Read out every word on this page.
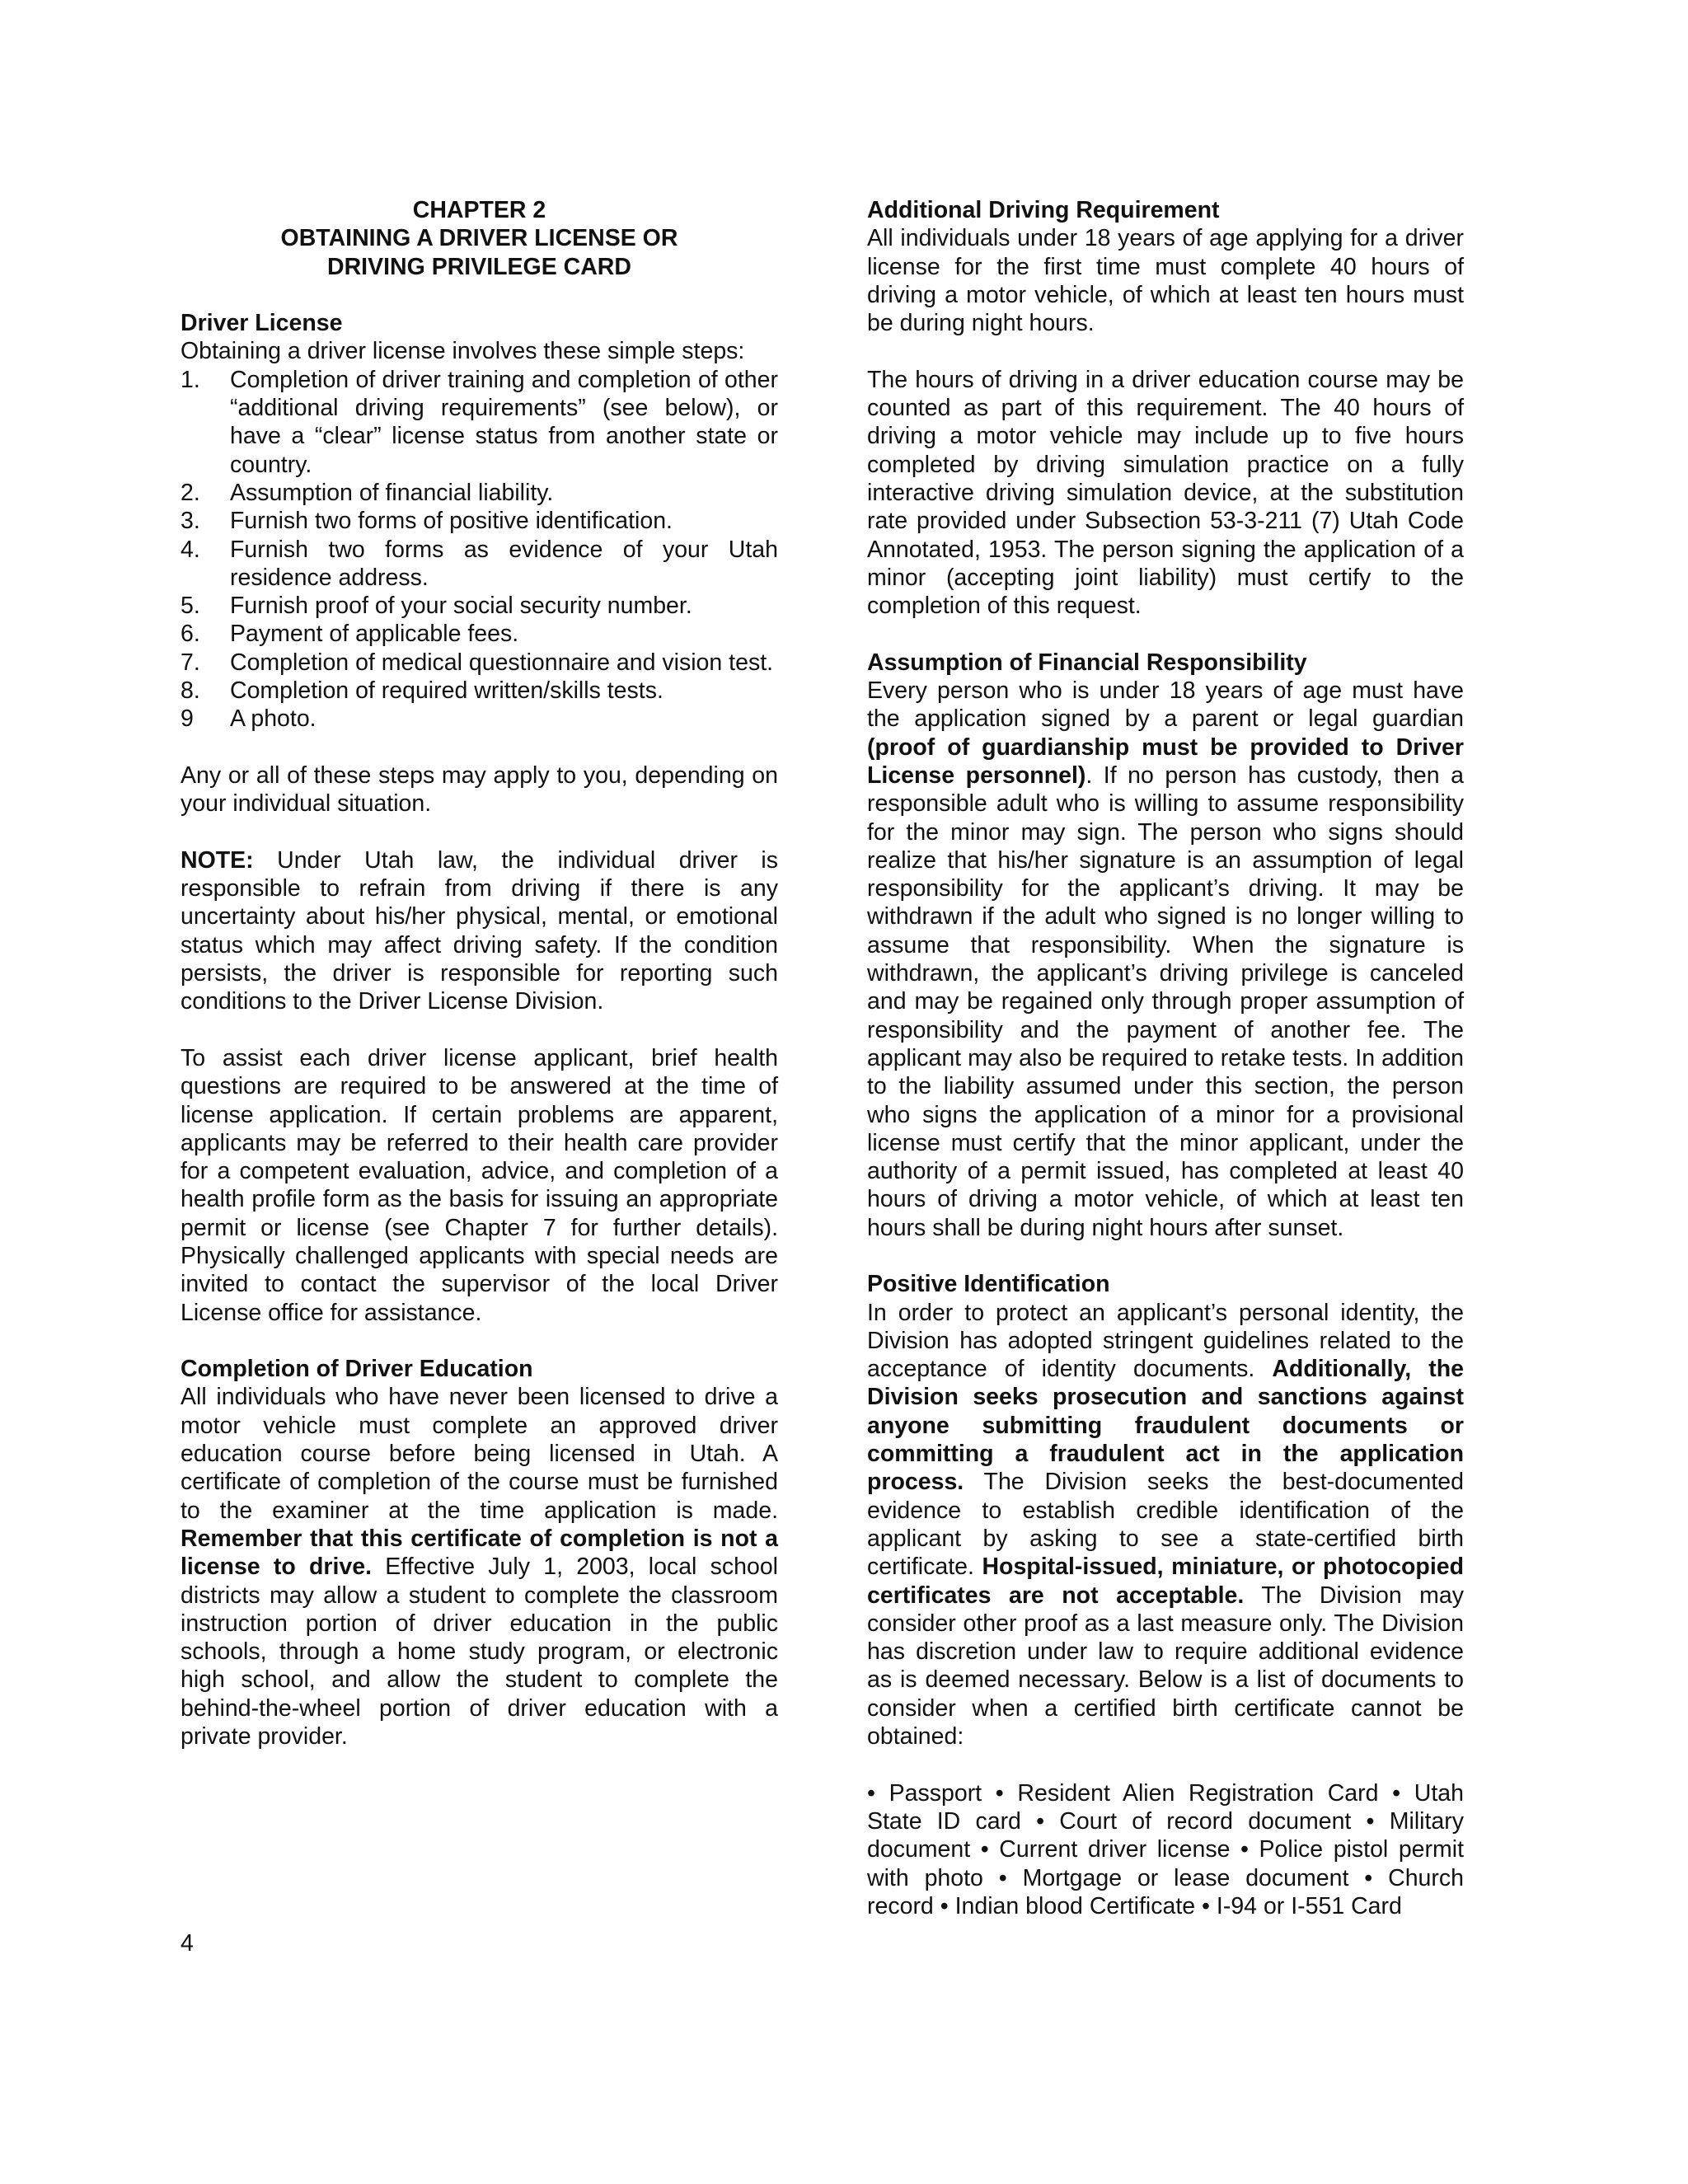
CHAPTER 2
OBTAINING A DRIVER LICENSE OR
DRIVING PRIVILEGE CARD
Driver License
Obtaining a driver license involves these simple steps:
1. Completion of driver training and completion of other “additional driving requirements” (see below), or have a “clear” license status from another state or country.
2. Assumption of financial liability.
3. Furnish two forms of positive identification.
4. Furnish two forms as evidence of your Utah residence address.
5. Furnish proof of your social security number.
6. Payment of applicable fees.
7. Completion of medical questionnaire and vision test.
8. Completion of required written/skills tests.
9 A photo.
Any or all of these steps may apply to you, depending on your individual situation.
NOTE: Under Utah law, the individual driver is responsible to refrain from driving if there is any uncertainty about his/her physical, mental, or emotional status which may affect driving safety. If the condition persists, the driver is responsible for reporting such conditions to the Driver License Division.
To assist each driver license applicant, brief health questions are required to be answered at the time of license application. If certain problems are apparent, applicants may be referred to their health care provider for a competent evaluation, advice, and completion of a health profile form as the basis for issuing an appropriate permit or license (see Chapter 7 for further details). Physically challenged applicants with special needs are invited to contact the supervisor of the local Driver License office for assistance.
Completion of Driver Education
All individuals who have never been licensed to drive a motor vehicle must complete an approved driver education course before being licensed in Utah. A certificate of completion of the course must be furnished to the examiner at the time application is made. Remember that this certificate of completion is not a license to drive. Effective July 1, 2003, local school districts may allow a student to complete the classroom instruction portion of driver education in the public schools, through a home study program, or electronic high school, and allow the student to complete the behind-the-wheel portion of driver education with a private provider.
4
Additional Driving Requirement
All individuals under 18 years of age applying for a driver license for the first time must complete 40 hours of driving a motor vehicle, of which at least ten hours must be during night hours.
The hours of driving in a driver education course may be counted as part of this requirement. The 40 hours of driving a motor vehicle may include up to five hours completed by driving simulation practice on a fully interactive driving simulation device, at the substitution rate provided under Subsection 53-3-211 (7) Utah Code Annotated, 1953. The person signing the application of a minor (accepting joint liability) must certify to the completion of this request.
Assumption of Financial Responsibility
Every person who is under 18 years of age must have the application signed by a parent or legal guardian (proof of guardianship must be provided to Driver License personnel). If no person has custody, then a responsible adult who is willing to assume responsibility for the minor may sign. The person who signs should realize that his/her signature is an assumption of legal responsibility for the applicant’s driving. It may be withdrawn if the adult who signed is no longer willing to assume that responsibility. When the signature is withdrawn, the applicant’s driving privilege is canceled and may be regained only through proper assumption of responsibility and the payment of another fee. The applicant may also be required to retake tests. In addition to the liability assumed under this section, the person who signs the application of a minor for a provisional license must certify that the minor applicant, under the authority of a permit issued, has completed at least 40 hours of driving a motor vehicle, of which at least ten hours shall be during night hours after sunset.
Positive Identification
In order to protect an applicant’s personal identity, the Division has adopted stringent guidelines related to the acceptance of identity documents. Additionally, the Division seeks prosecution and sanctions against anyone submitting fraudulent documents or committing a fraudulent act in the application process. The Division seeks the best-documented evidence to establish credible identification of the applicant by asking to see a state-certified birth certificate. Hospital-issued, miniature, or photocopied certificates are not acceptable. The Division may consider other proof as a last measure only. The Division has discretion under law to require additional evidence as is deemed necessary. Below is a list of documents to consider when a certified birth certificate cannot be obtained:
• Passport • Resident Alien Registration Card • Utah State ID card • Court of record document • Military document • Current driver license • Police pistol permit with photo • Mortgage or lease document • Church record • Indian blood Certificate • I-94 or I-551 Card
